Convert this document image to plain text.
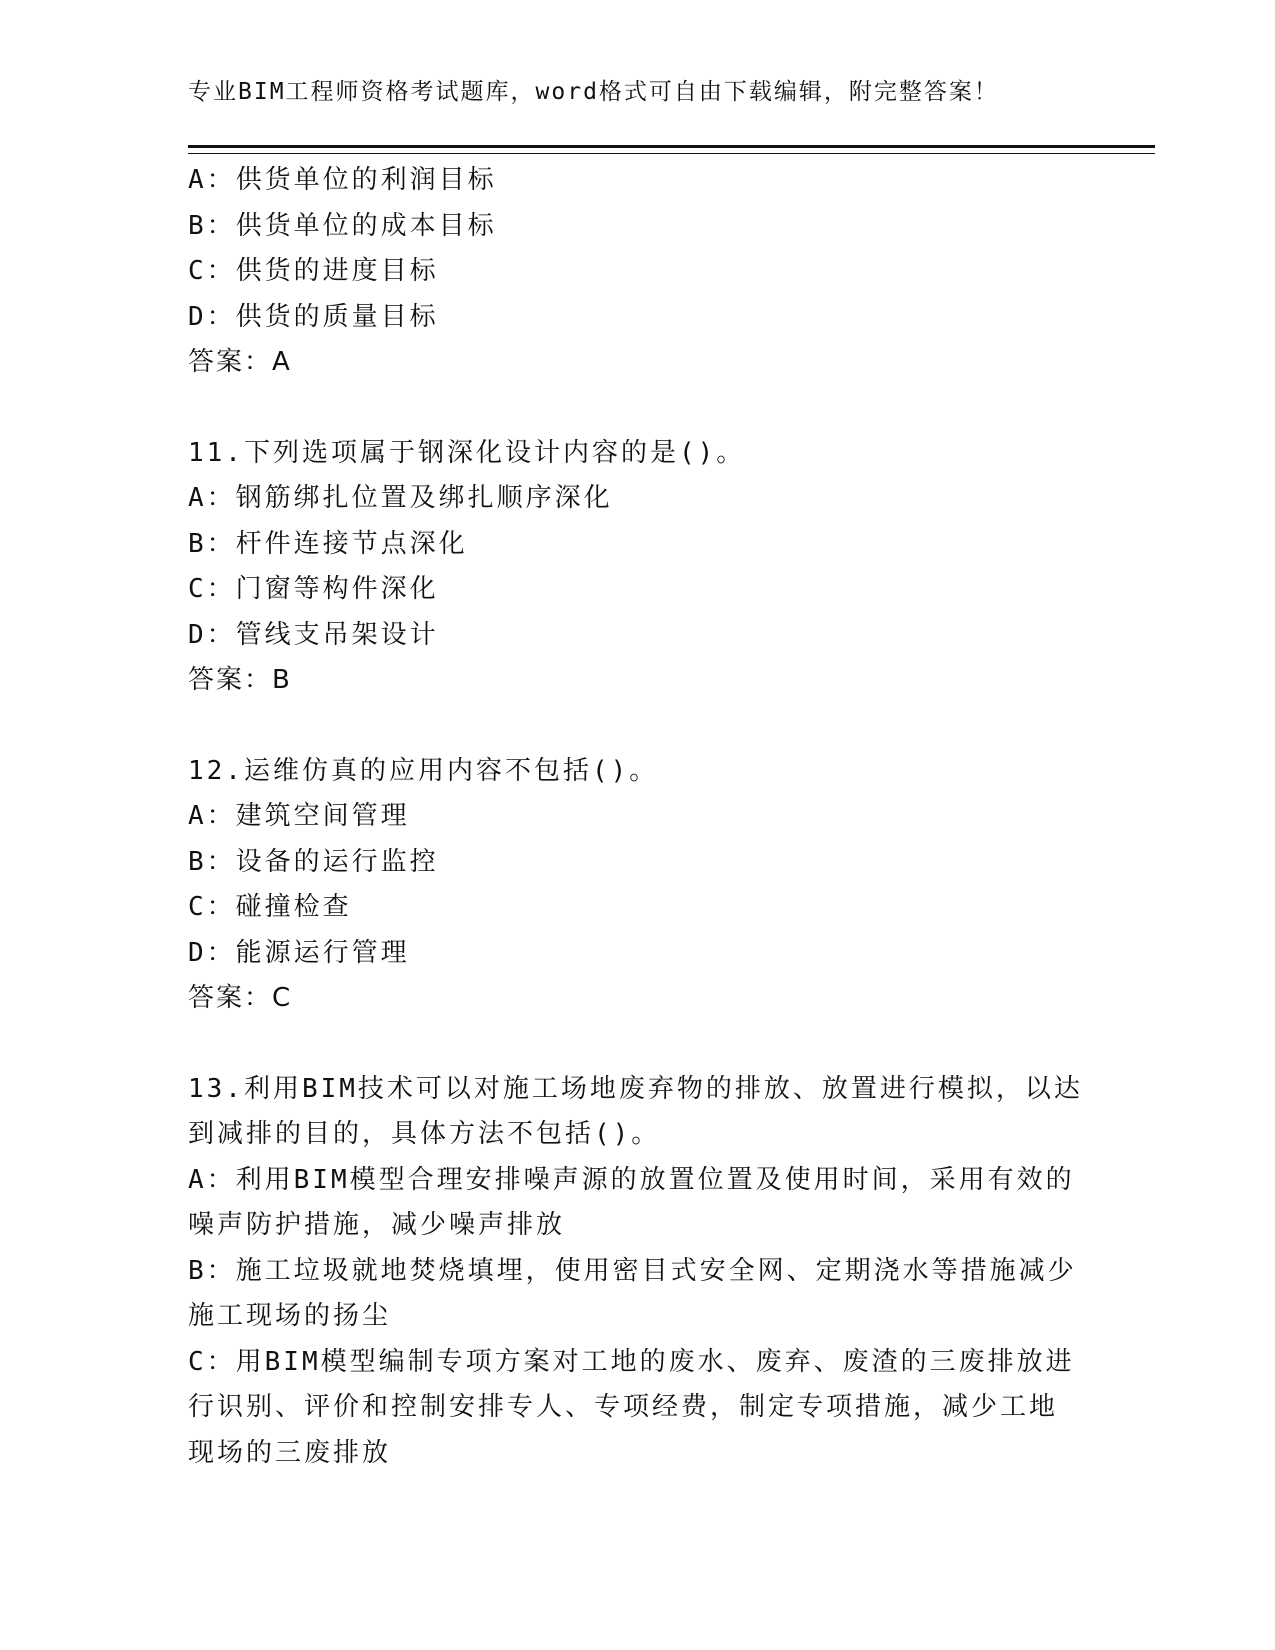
专业BIM工程师资格考试题库，word格式可自由下载编辑，附完整答案！
A：供货单位的利润目标
B：供货单位的成本目标
C：供货的进度目标
D：供货的质量目标
答案：A
11.下列选项属于钢深化设计内容的是()。
A：钢筋绑扎位置及绑扎顺序深化
B：杆件连接节点深化
C：门窗等构件深化
D：管线支吊架设计
答案：B
12.运维仿真的应用内容不包括()。
A：建筑空间管理
B：设备的运行监控
C：碰撞检查
D：能源运行管理
答案：C
13.利用BIM技术可以对施工场地废弃物的排放、放置进行模拟，以达
到减排的目的，具体方法不包括()。
A：利用BIM模型合理安排噪声源的放置位置及使用时间，采用有效的
噪声防护措施，减少噪声排放
B：施工垃圾就地焚烧填埋，使用密目式安全网、定期浇水等措施减少
施工现场的扬尘
C：用BIM模型编制专项方案对工地的废水、废弃、废渣的三废排放进
行识别、评价和控制安排专人、专项经费，制定专项措施，减少工地
现场的三废排放
